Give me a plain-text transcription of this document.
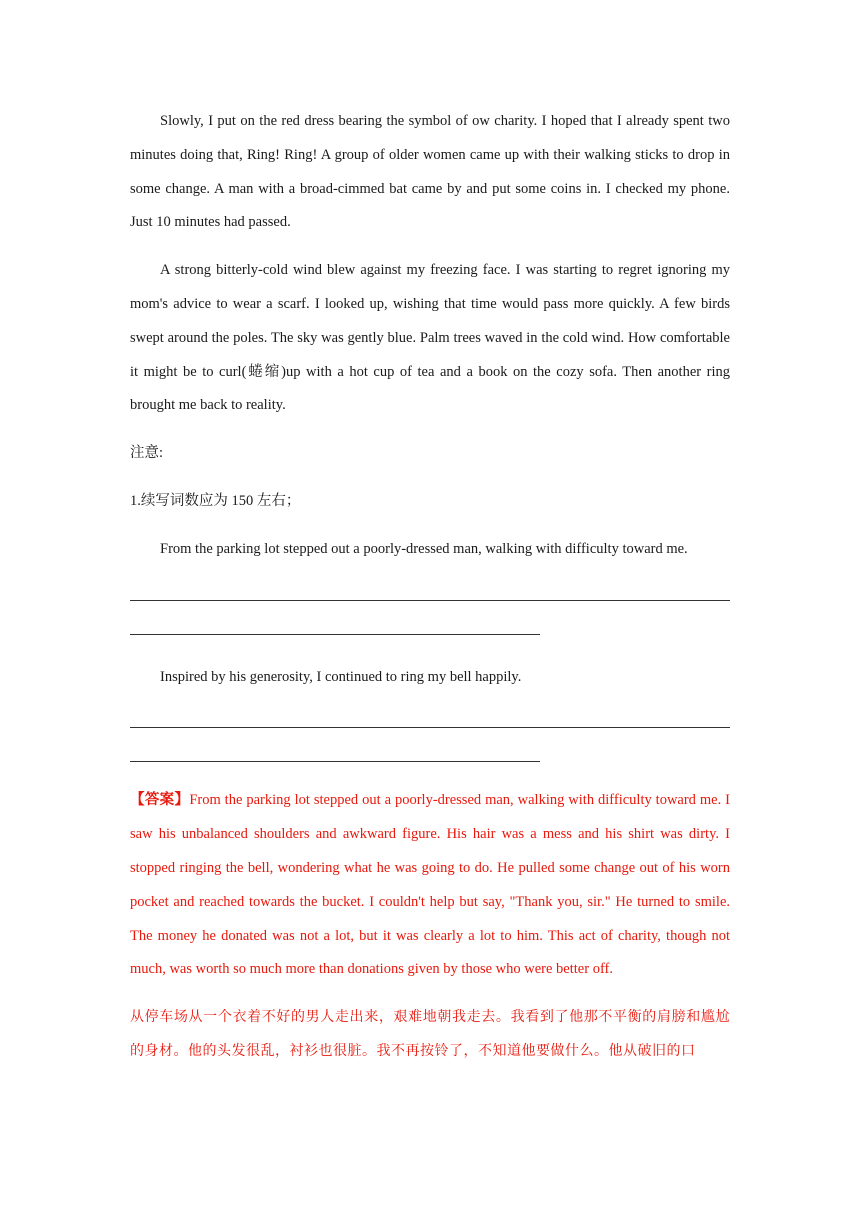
Slowly, I put on the red dress bearing the symbol of ow charity. I hoped that I already spent two minutes doing that, Ring! Ring! A group of older women came up with their walking sticks to drop in some change. A man with a broad-cimmed bat came by and put some coins in. I checked my phone. Just 10 minutes had passed.

A strong bitterly-cold wind blew against my freezing face. I was starting to regret ignoring my mom's advice to wear a scarf. I looked up, wishing that time would pass more quickly. A few birds swept around the poles. The sky was gently blue. Palm trees waved in the cold wind. How comfortable it might be to curl(蜷缩)up with a hot cup of tea and a book on the cozy sofa. Then another ring brought me back to reality.

注意:

1.续写词数应为 150 左右；

From the parking lot stepped out a poorly-dressed man, walking with difficulty toward me.

Inspired by his generosity, I continued to ring my bell happily.

【答案】From the parking lot stepped out a poorly-dressed man, walking with difficulty toward me. I saw his unbalanced shoulders and awkward figure. His hair was a mess and his shirt was dirty. I stopped ringing the bell, wondering what he was going to do. He pulled some change out of his worn pocket and reached towards the bucket. I couldn't help but say, "Thank you, sir." He turned to smile. The money he donated was not a lot, but it was clearly a lot to him. This act of charity, though not much, was worth so much more than donations given by those who were better off.

从停车场从一个衣着不好的男人走出来，艰难地朝我走去。我看到了他那不平衡的肩膀和尴尬的身材。他的头发很乱，衬衫也很脏。我不再按铃了，不知道他要做什么。他从破旧的口
